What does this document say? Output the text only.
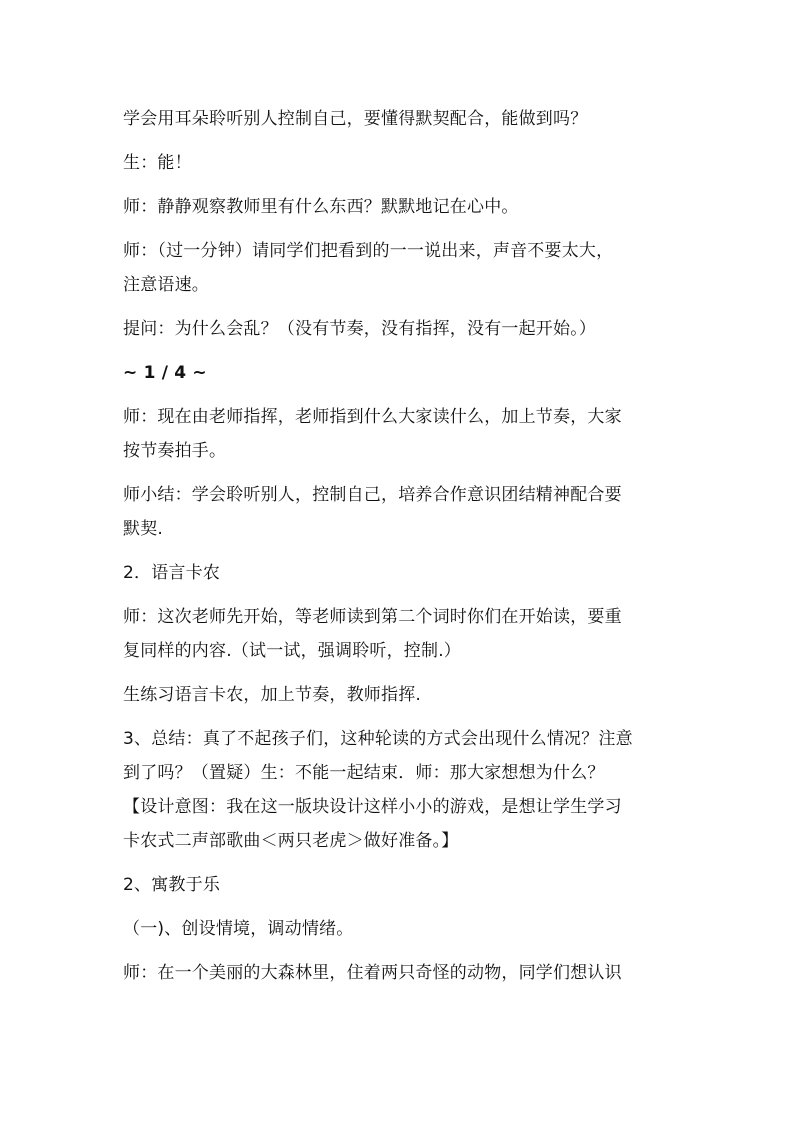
学会用耳朵聆听别人控制自己，要懂得默契配合，能做到吗？
生：能！
师：静静观察教师里有什么东西？默默地记在心中。
师：（过一分钟）请同学们把看到的一一说出来，声音不要太大，
注意语速。
提问：为什么会乱？（没有节奏，没有指挥，没有一起开始。）
~ 1 / 4 ~
师：现在由老师指挥，老师指到什么大家读什么，加上节奏，大家
按节奏拍手。
师小结：学会聆听别人，控制自己，培养合作意识团结精神配合要
默契.
2．语言卡农
师：这次老师先开始，等老师读到第二个词时你们在开始读，要重
复同样的内容.（试一试，强调聆听，控制.）
生练习语言卡农，加上节奏，教师指挥.
3、总结：真了不起孩子们，这种轮读的方式会出现什么情况？注意
到了吗？（置疑）生：不能一起结束．师：那大家想想为什么？
【设计意图：我在这一版块设计这样小小的游戏，是想让学生学习
卡农式二声部歌曲＜两只老虎＞做好准备。】
2、寓教于乐
（一)、创设情境，调动情绪。
师：在一个美丽的大森林里，住着两只奇怪的动物，同学们想认识
